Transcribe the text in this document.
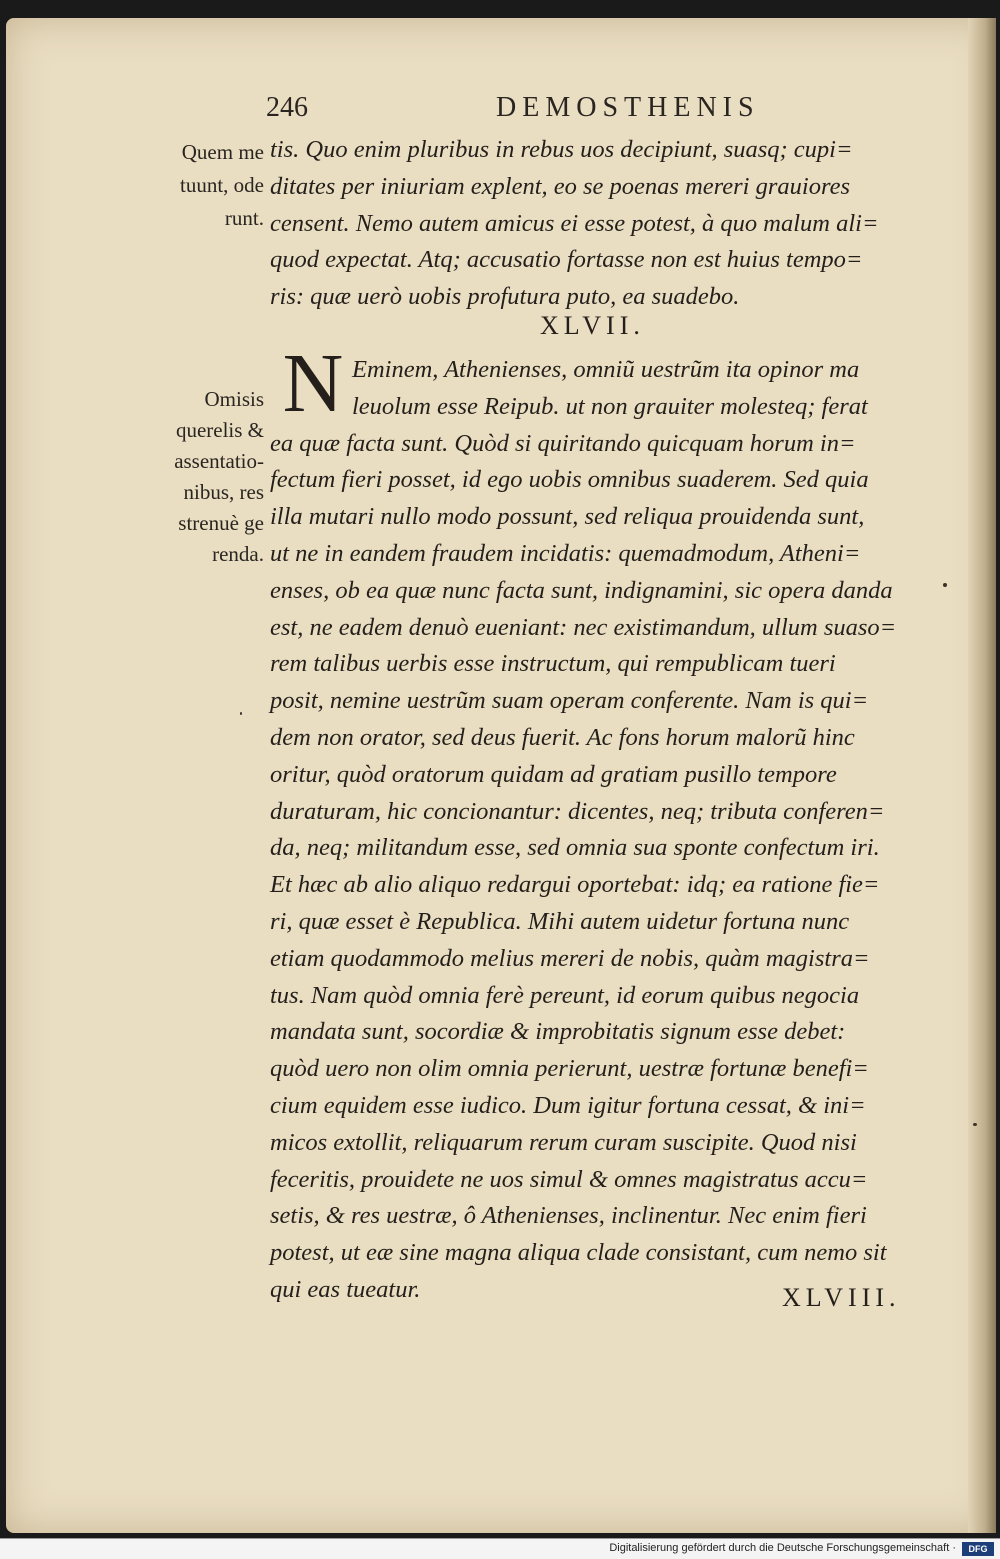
246	DEMOSTHENIS
Quem me
tuunt, ode
runt.
tis. Quo enim pluribus in rebus uos decipiunt, suasq; cupi=
ditates per iniuriam explent, eo se poenas mereri grauiores
censent. Nemo autem amicus ei esse potest, à quo malum ali=
quod expectat. Atq; accusatio fortasse non est huius tempo=
ris: quæ uerò uobis profutura puto, ea suadebo.
XLVII.
N
Omisis
querelis &
assentatio-
nibus, res
strenuè ge
renda.
Eminem, Athenienses, omniũ uestrũm ita opinor ma
leuolum esse Reipub. ut non grauiter molesteq; ferat
ea quæ facta sunt. Quòd si quiritando quicquam horum in=
fectum fieri posset, id ego uobis omnibus suaderem. Sed quia
illa mutari nullo modo possunt, sed reliqua prouidenda sunt,
ut ne in eandem fraudem incidatis: quemadmodum, Atheni=
enses, ob ea quæ nunc facta sunt, indignamini, sic opera danda
est, ne eadem denuò eueniant: nec existimandum, ullum suaso=
rem talibus uerbis esse instructum, qui rempublicam tueri
posit, nemine uestrũm suam operam conferente. Nam is qui=
dem non orator, sed deus fuerit. Ac fons horum malorũ hinc
oritur, quòd oratorum quidam ad gratiam pusillo tempore
duraturam, hic concionantur: dicentes, neq; tributa conferen=
da, neq; militandum esse, sed omnia sua sponte confectum iri.
Et hæc ab alio aliquo redargui oportebat: idq; ea ratione fie=
ri, quæ esset è Republica. Mihi autem uidetur fortuna nunc
etiam quodammodo melius mereri de nobis, quàm magistra=
tus. Nam quòd omnia ferè pereunt, id eorum quibus negocia
mandata sunt, socordiæ & improbitatis signum esse debet:
quòd uero non olim omnia perierunt, uestræ fortunæ benefi=
cium equidem esse iudico. Dum igitur fortuna cessat, & ini=
micos extollit, reliquarum rerum curam suscipite. Quod nisi
feceritis, prouidete ne uos simul & omnes magistratus accu=
setis, & res uestræ, ô Athenienses, inclinentur. Nec enim fieri
potest, ut eæ sine magna aliqua clade consistant, cum nemo sit
qui eas tueatur.	XLVIII.
Digitalisierung gefördert durch die Deutsche Forschungsgemeinschaft ·	DFG
